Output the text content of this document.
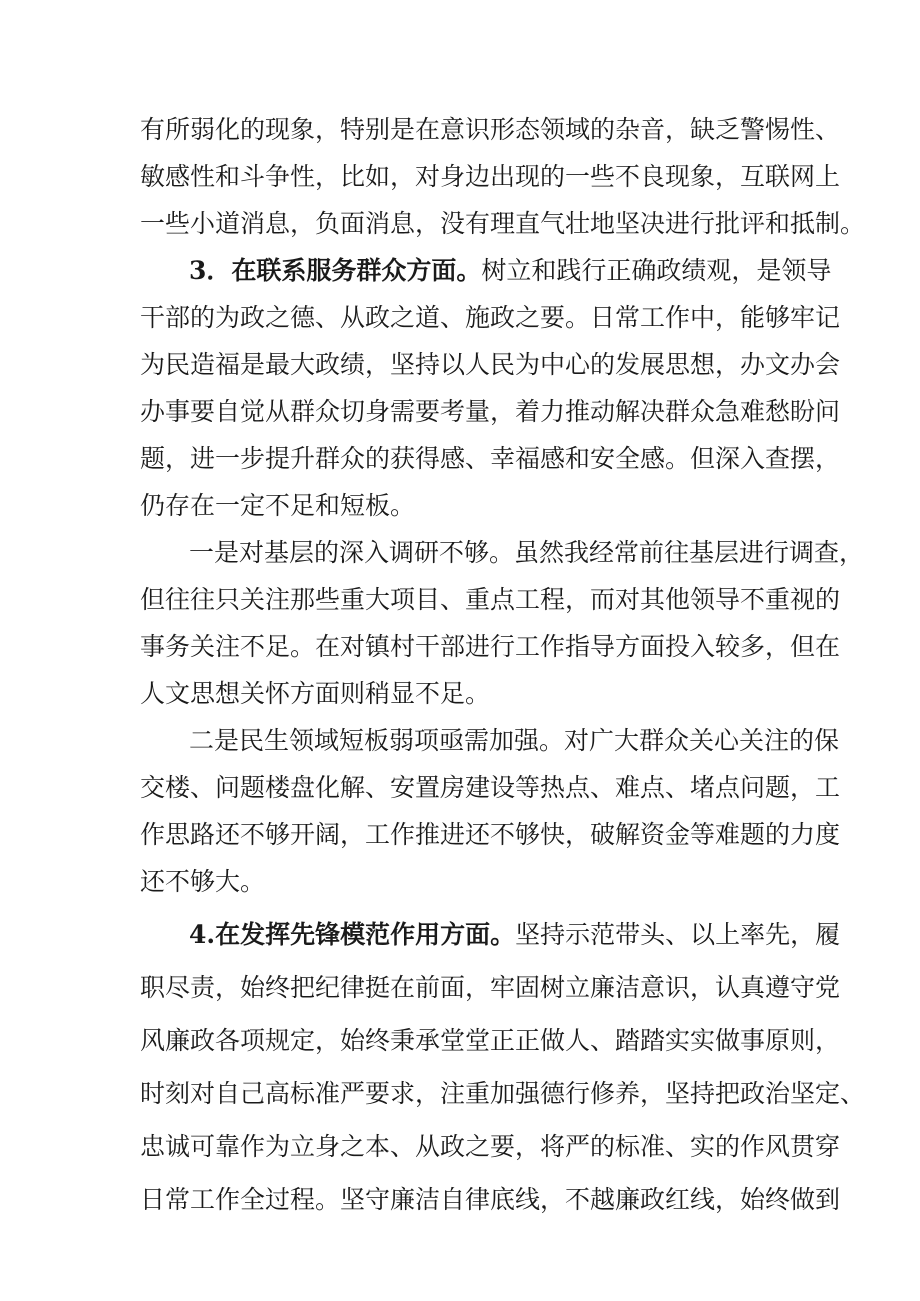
有所弱化的现象，特别是在意识形态领域的杂音，缺乏警惕性、
敏感性和斗争性，比如，对身边出现的一些不良现象，互联网上
一些小道消息，负面消息，没有理直气壮地坚决进行批评和抵制。
3．在联系服务群众方面。树立和践行正确政绩观，是领导
干部的为政之德、从政之道、施政之要。日常工作中，能够牢记
为民造福是最大政绩，坚持以人民为中心的发展思想，办文办会
办事要自觉从群众切身需要考量，着力推动解决群众急难愁盼问
题，进一步提升群众的获得感、幸福感和安全感。但深入查摆，
仍存在一定不足和短板。
一是对基层的深入调研不够。虽然我经常前往基层进行调查，
但往往只关注那些重大项目、重点工程，而对其他领导不重视的
事务关注不足。在对镇村干部进行工作指导方面投入较多，但在
人文思想关怀方面则稍显不足。
二是民生领域短板弱项亟需加强。对广大群众关心关注的保
交楼、问题楼盘化解、安置房建设等热点、难点、堵点问题，工
作思路还不够开阔，工作推进还不够快，破解资金等难题的力度
还不够大。
4.在发挥先锋模范作用方面。坚持示范带头、以上率先，履
职尽责，始终把纪律挺在前面，牢固树立廉洁意识，认真遵守党
风廉政各项规定，始终秉承堂堂正正做人、踏踏实实做事原则，
时刻对自己高标准严要求，注重加强德行修养，坚持把政治坚定、
忠诚可靠作为立身之本、从政之要，将严的标准、实的作风贯穿
日常工作全过程。坚守廉洁自律底线，不越廉政红线，始终做到
